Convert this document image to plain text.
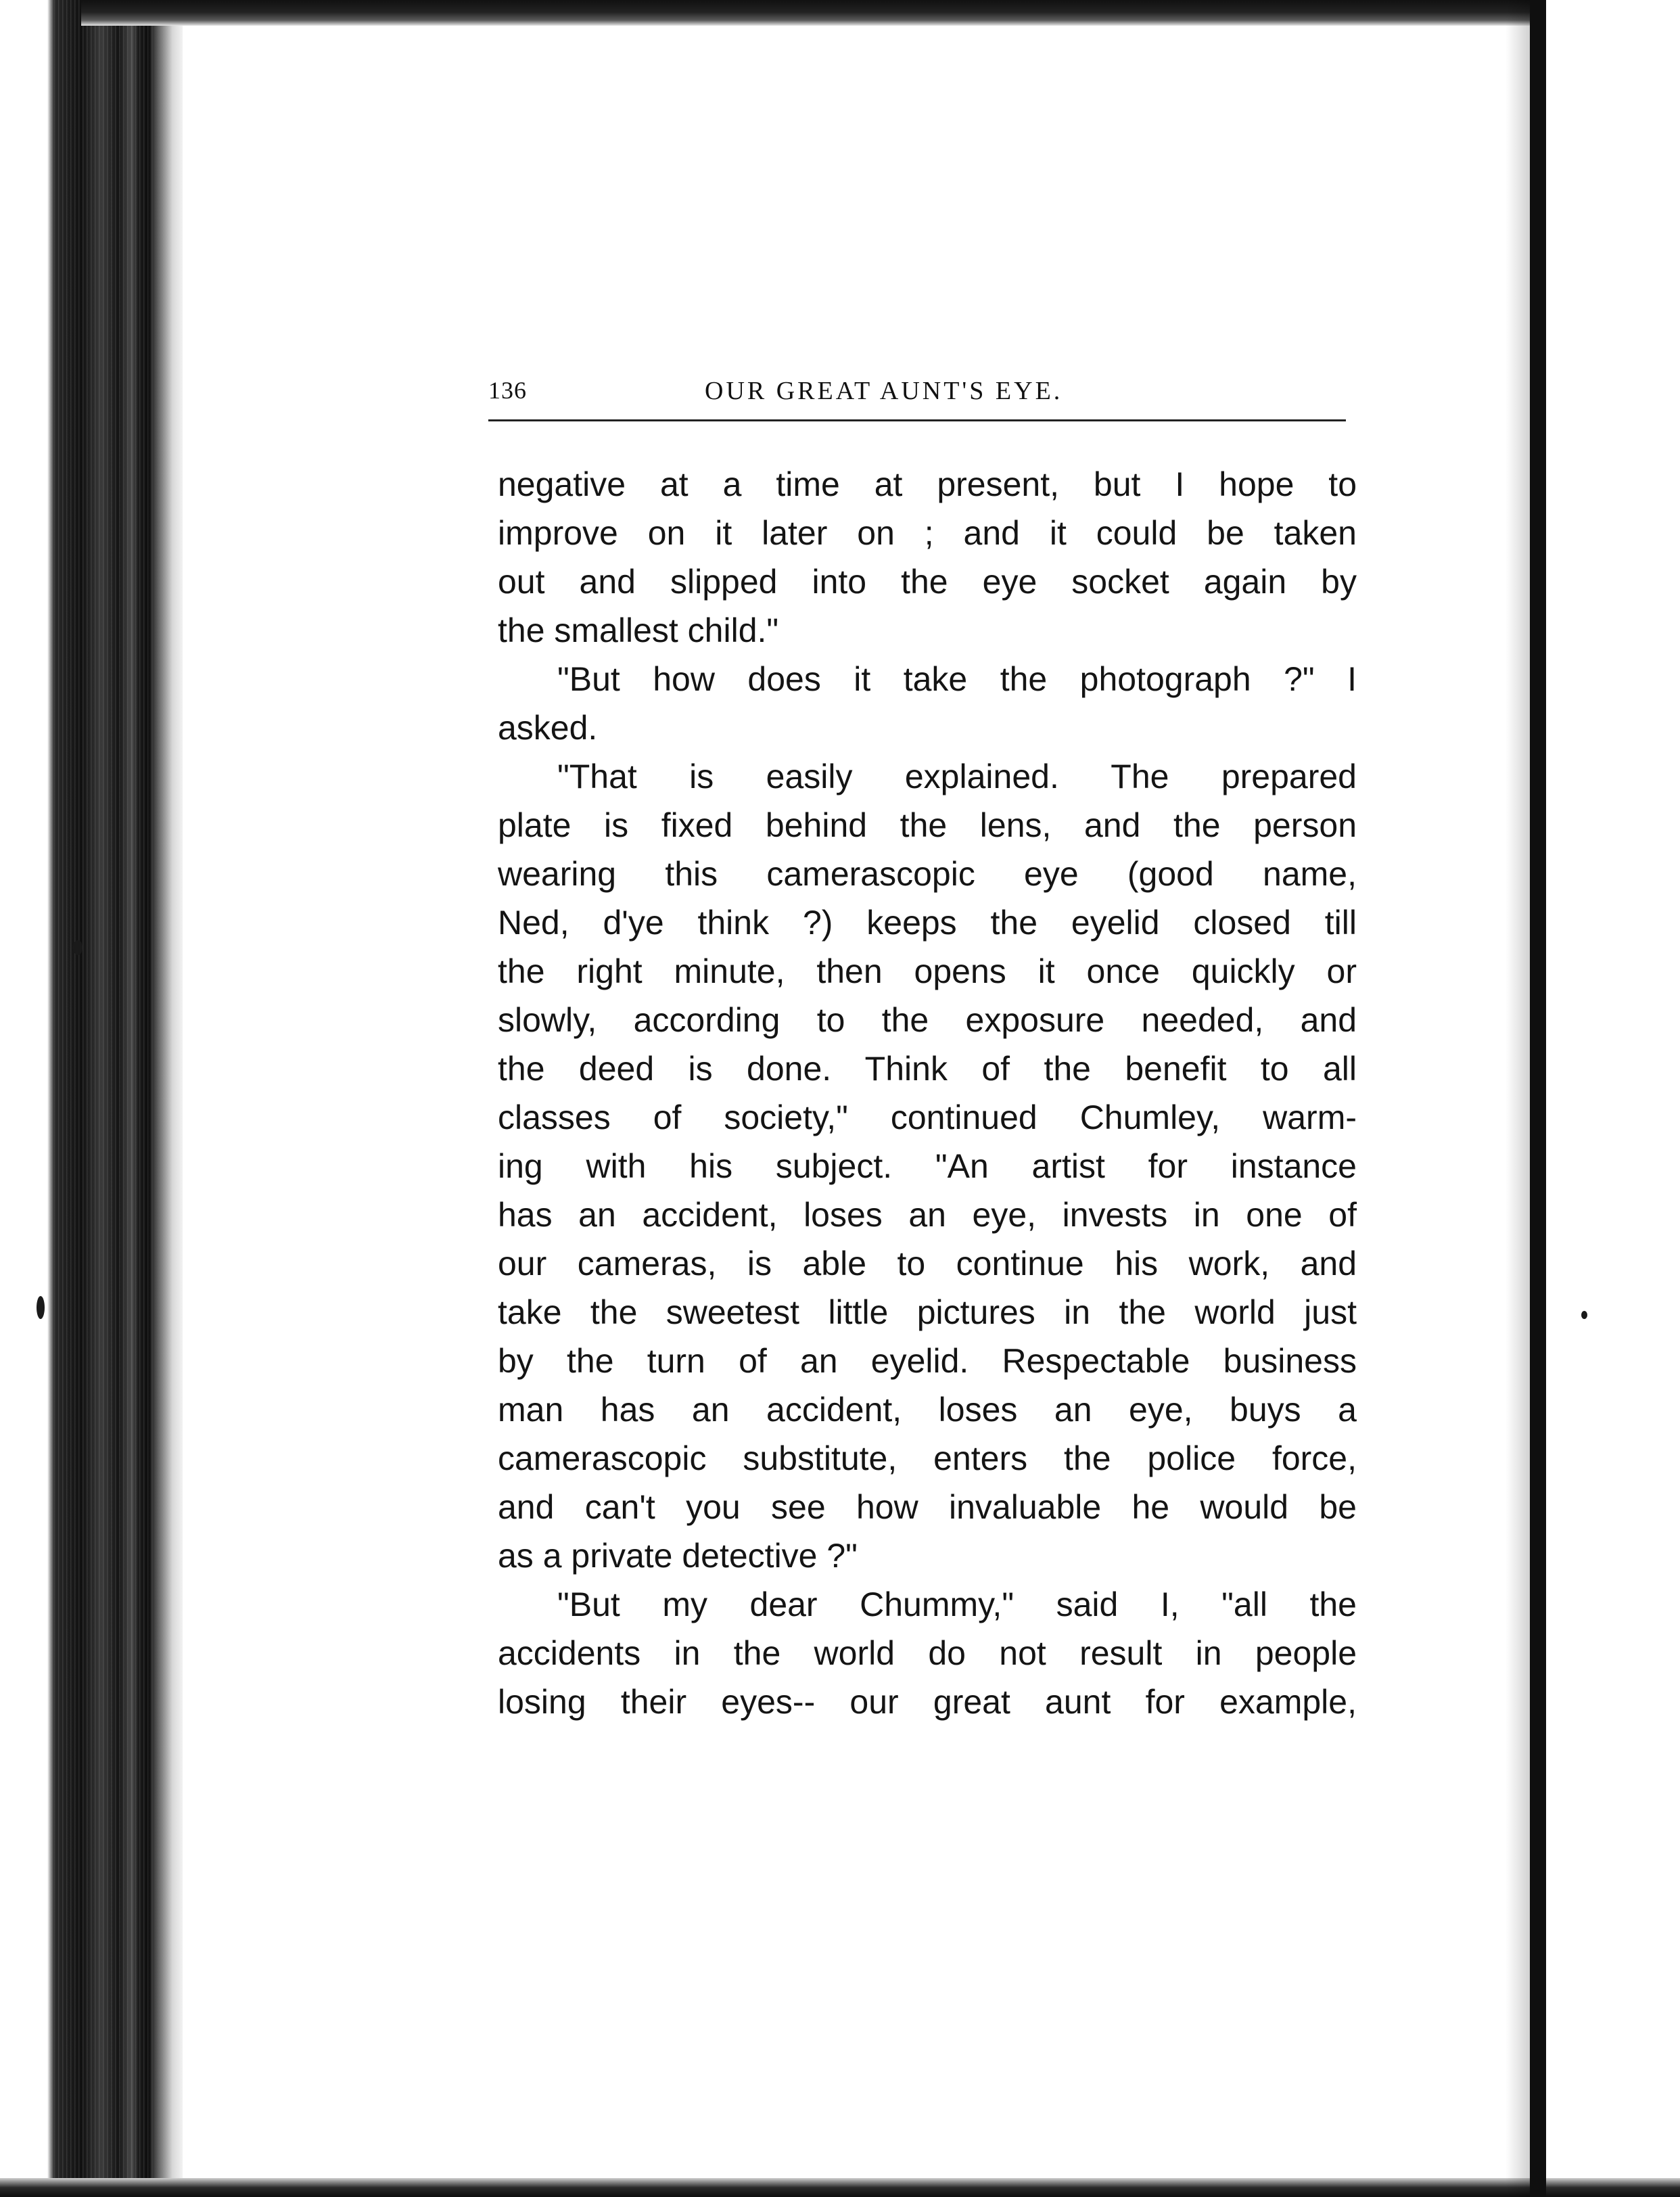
136	OUR GREAT AUNT'S EYE.
negative at a time at present, but I hope to
improve on it later on ; and it could be taken
out and slipped into the eye socket again by
the smallest child."
"But how does it take the photograph ?" I
asked.
"That is easily explained. The prepared
plate is fixed behind the lens, and the person
wearing this camerascopic eye (good name,
Ned, d'ye think ?) keeps the eyelid closed till
the right minute, then opens it once quickly or
slowly, according to the exposure needed, and
the deed is done. Think of the benefit to all
classes of society," continued Chumley, warm-
ing with his subject. "An artist for instance
has an accident, loses an eye, invests in one of
our cameras, is able to continue his work, and
take the sweetest little pictures in the world just
by the turn of an eyelid. Respectable business
man has an accident, loses an eye, buys a
camerascopic substitute, enters the police force,
and can't you see how invaluable he would be
as a private detective ?"
"But my dear Chummy," said I, "all the
accidents in the world do not result in people
losing their eyes-- our great aunt for example,
